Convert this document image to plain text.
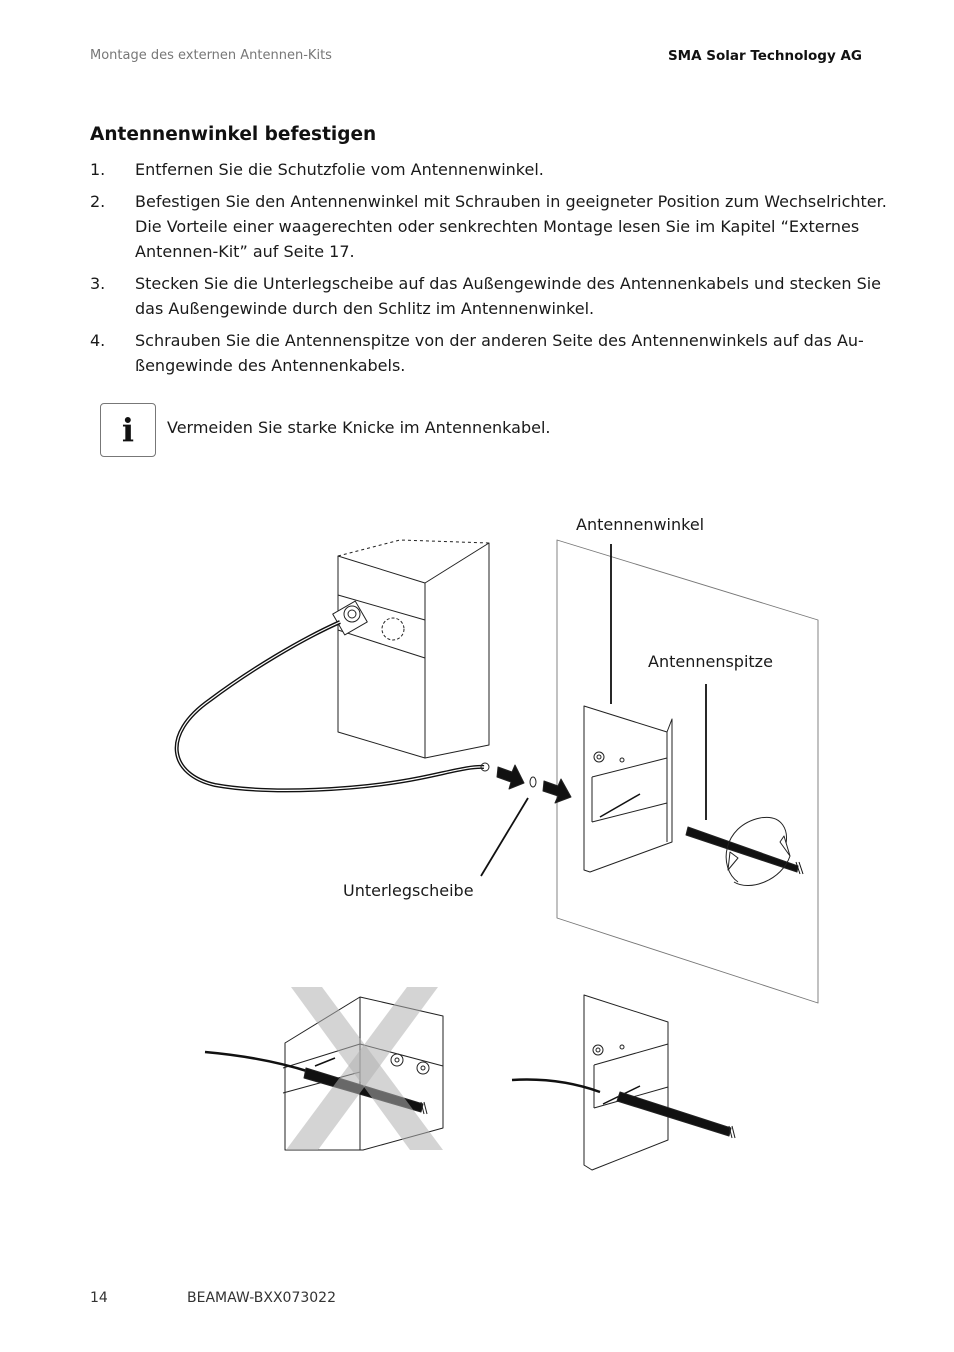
Montage des externen Antennen-Kits	SMA Solar Technology AG
Antennenwinkel befestigen
1. Entfernen Sie die Schutzfolie vom Antennenwinkel.
2. Befestigen Sie den Antennenwinkel mit Schrauben in geeigneter Position zum Wechselrichter.
Die Vorteile einer waagerechten oder senkrechten Montage lesen Sie im Kapitel “Externes
Antennen-Kit” auf Seite 17.
3. Stecken Sie die Unterlegscheibe auf das Außengewinde des Antennenkabels und stecken Sie
das Außengewinde durch den Schlitz im Antennenwinkel.
4. Schrauben Sie die Antennenspitze von der anderen Seite des Antennenwinkels auf das Au-
ßengewinde des Antennenkabels.
i	Vermeiden Sie starke Knicke im Antennenkabel.
Antennenwinkel
Antennenspitze
Unterlegscheibe
14	BEAMAW-BXX073022
